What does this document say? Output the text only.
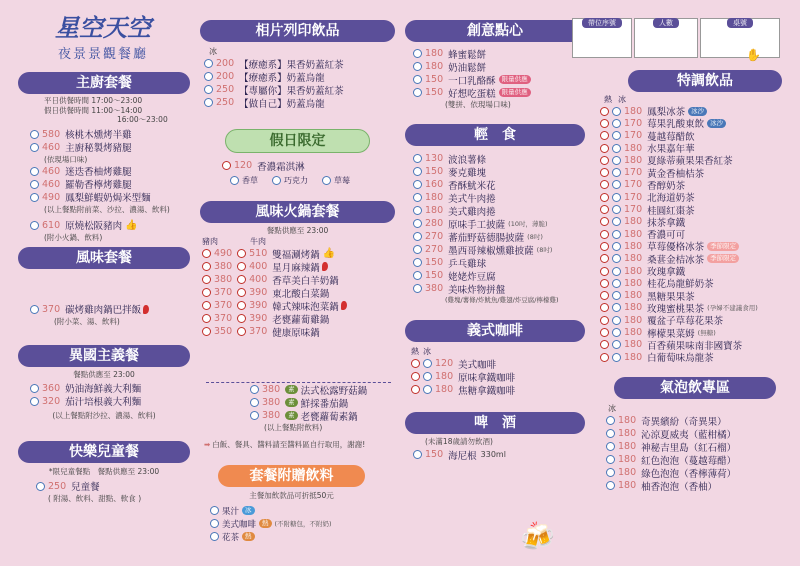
星空天空
夜景景觀餐廳
主廚套餐
平日供餐時間 17:00～23:00
假日供餐時間 11:00～14:00
16:00～23:00
580 核桃木燻烤半雞
460 主廚秘製烤豬腿
(依現場口味)
460 迷迭香柚烤雞腿
460 羅勒香檸烤雞腿
490 鳳梨鮮蝦奶焗米型麵
(以上餐點附前菜、沙拉、濃湯、飲料)
610 原燒松阪豬肉 👍
(附小火鍋、飲料)
風味套餐
370 碳烤雞肉鍋巴拌飯
(附小菜、湯、飲料)
異國主義餐
餐點供應至 23:00
360 奶油海鮮義大利麵
320 茄汁培根義大利麵
(以上餐點附沙拉、濃湯、飲料)
快樂兒童餐
*限兒童餐點　餐點供應至 23:00
250 兒童餐
( 附湯、飲料、甜點、軟食 )
相片列印飲品
冰
200 【療癒系】果香奶蓋紅茶
200 【療癒系】奶蓋烏龍
250 【專屬你】果香奶蓋紅茶
250 【做自己】奶蓋烏龍
假日限定
120 香濃霜淇淋
香草	巧克力	草莓
風味火鍋套餐
餐點供應至 23:00
豬肉	牛肉
490 510 雙福涮烤鍋 👍
380 400 星月麻辣鍋
380 400 香草美白羊奶鍋
370 390 東北酸白菜鍋
370 390 韓式辣味泡菜鍋
370 390 老甕蘿蔔雞鍋
350 370 健康原味鍋
380	素 法式松露野菇鍋
380	素 鮮採番茄鍋
380	素 老甕蘿蔔素鍋
(以上餐點附飲料)
➡ 白飯、餐具、醬料請至醬料區自行取用，謝謝!
套餐附贈飲料
主餐加飲款品可折抵50元
果汁 冰
美式咖啡 熱 (不附糖包，不附奶)
花茶 熱
創意點心
180 蜂蜜鬆餅
180 奶油鬆餅
150 一口乳酪酥 限量供應
150 好想吃蛋糕 限量供應
(雙拼、依現場口味)
輕　食
130 波浪薯條
150 麥克雞塊
160 香酥魷米花
180 美式牛肉捲
180 美式雞肉捲
280 原味手工披薩 (10吋，薄脆)
270 蕃茄野菇德腸披薩 (8吋)
270 墨西哥辣椒燻雞披薩 (8吋)
150 乒乓雞球
150 姥姥炸豆腐
380 美味炸物拼盤
(雞塊/薯條/炸魷魚/雞翅/炸豆腐/檸檬雞)
義式咖啡
熱 冰
120 美式咖啡
180 原味拿鐵咖啡
180 焦糖拿鐵咖啡
啤　酒
(未滿18歲請勿飲酒)
150 海尼根 330ml
🍻
帶位序號	人數	桌號
✋
特調飲品
熱 冰
180 鳳梨冰茶 冰沙
170 莓果乳酸東飲 冰沙
170 蔓越莓醋飲
180 水果嘉年華
180 夏綠蒂蘋果果香紅茶
170 黃金香柚桔茶
170 香醇奶茶
170 北海道奶茶
170 桂圓紅棗茶
180 抹茶拿鐵
180 香濃可可
180 草莓優格冰茶 季節限定
180 桑葚金桔冰茶 季節限定
180 玫瑰拿鐵
180 桂花烏龍鮮奶茶
180 黑糖果果茶
180 玫瑰蜜桃果茶 (孕婦不建議食用)
180 覆盆子草莓花果茶
180 檸檬果菜姆 (無糖)
180 百香蘋果味南非國寶茶
180 白葡萄味烏龍茶
氣泡飲專區
冰
180 奇異繽紛（奇異果）
180 沁涼夏威夷（藍柑橘）
180 神秘吉里島（紅石榴）
180 紅色泡泡（蔓越莓醋）
180 綠色泡泡（香檸薄荷）
180 柚香泡泡（香柚）
